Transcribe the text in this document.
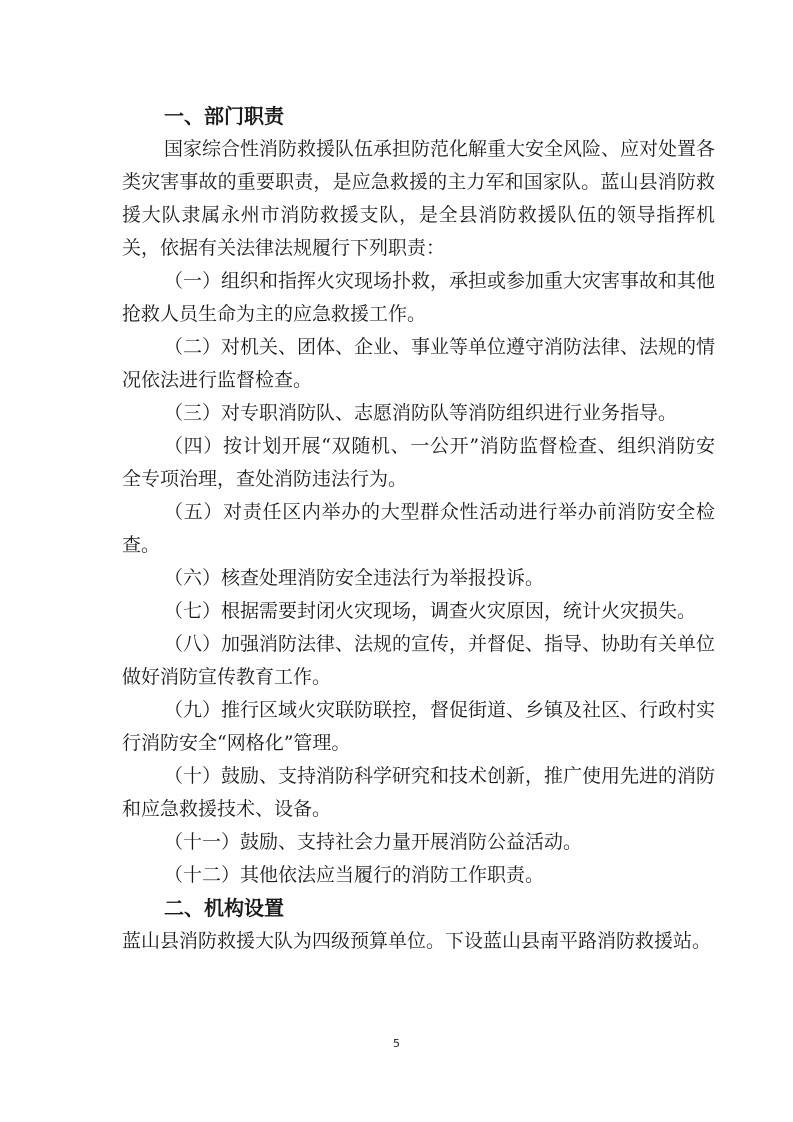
一、部门职责

国家综合性消防救援队伍承担防范化解重大安全风险、应对处置各类灾害事故的重要职责，是应急救援的主力军和国家队。蓝山县消防救援大队隶属永州市消防救援支队，是全县消防救援队伍的领导指挥机关，依据有关法律法规履行下列职责：

（一）组织和指挥火灾现场扑救，承担或参加重大灾害事故和其他抢救人员生命为主的应急救援工作。

（二）对机关、团体、企业、事业等单位遵守消防法律、法规的情况依法进行监督检查。

（三）对专职消防队、志愿消防队等消防组织进行业务指导。

（四）按计划开展“双随机、一公开”消防监督检查、组织消防安全专项治理，查处消防违法行为。

（五）对责任区内举办的大型群众性活动进行举办前消防安全检查。

（六）核查处理消防安全违法行为举报投诉。

（七）根据需要封闭火灾现场，调查火灾原因，统计火灾损失。

（八）加强消防法律、法规的宣传，并督促、指导、协助有关单位做好消防宣传教育工作。

（九）推行区域火灾联防联控，督促街道、乡镇及社区、行政村实行消防安全“网格化”管理。

（十）鼓励、支持消防科学研究和技术创新，推广使用先进的消防和应急救援技术、设备。

（十一）鼓励、支持社会力量开展消防公益活动。

（十二）其他依法应当履行的消防工作职责。

二、机构设置

蓝山县消防救援大队为四级预算单位。下设蓝山县南平路消防救援站。

5
